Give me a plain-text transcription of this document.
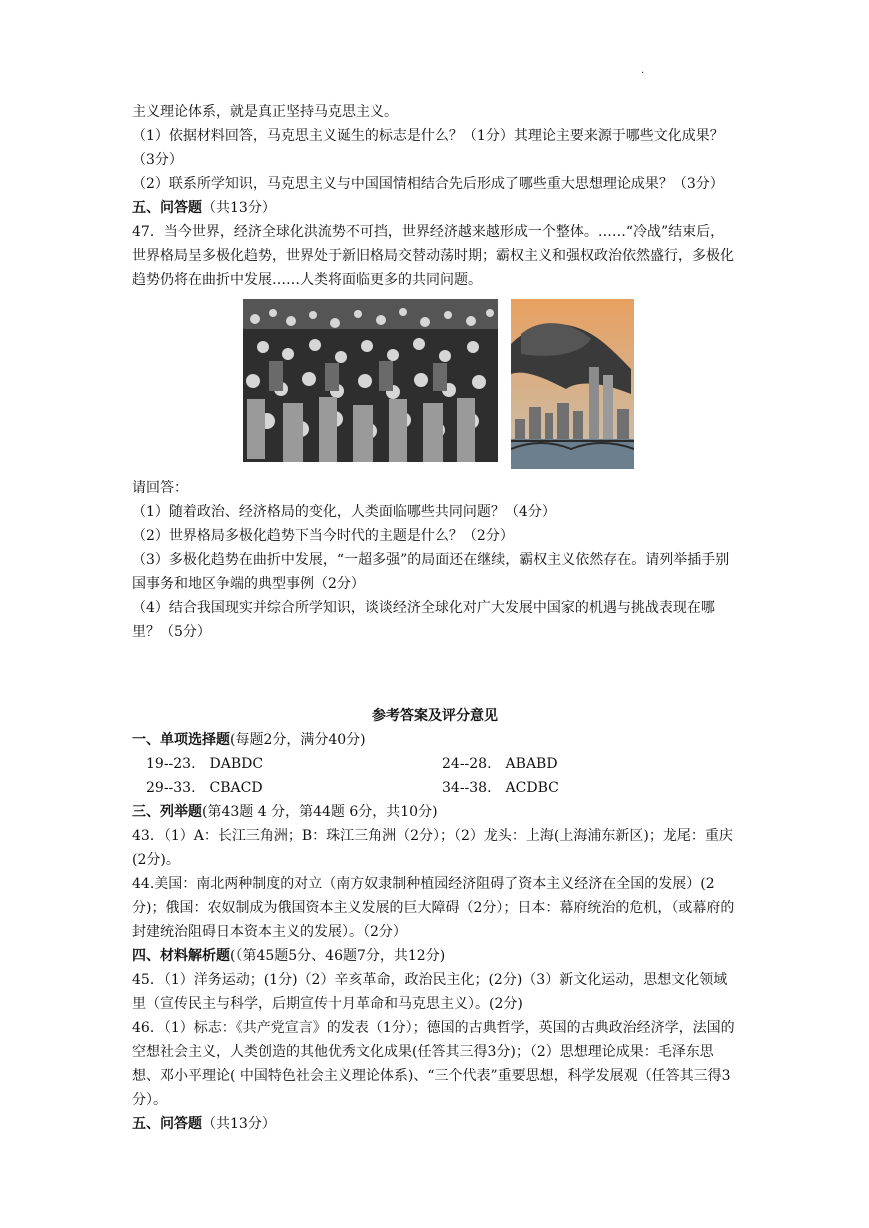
.

主义理论体系，就是真正坚持马克思主义。

（1）依据材料回答，马克思主义诞生的标志是什么？（1分）其理论主要来源于哪些文化成果？（3分）

（2）联系所学知识，马克思主义与中国国情相结合先后形成了哪些重大思想理论成果？（3分）

五、问答题（共13分）

47．当今世界，经济全球化洪流势不可挡，世界经济越来越形成一个整体。……“冷战”结束后，世界格局呈多极化趋势，世界处于新旧格局交替动荡时期；霸权主义和强权政治依然盛行，多极化趋势仍将在曲折中发展……人类将面临更多的共同问题。

请回答：

（1）随着政治、经济格局的变化，人类面临哪些共同问题？（4分）

（2）世界格局多极化趋势下当今时代的主题是什么？（2分）

（3）多极化趋势在曲折中发展，“一超多强”的局面还在继续，霸权主义依然存在。请列举插手别国事务和地区争端的典型事例（2分）

（4）结合我国现实并综合所学知识，谈谈经济全球化对广大发展中国家的机遇与挑战表现在哪里？（5分）

参考答案及评分意见

一、单项选择题(每题2分，满分40分)

19--23.　DABDC	24--28.　ABABD
29--33.　CBACD	34--38.　ACDBC

三、列举题(第43题 4 分，第44题 6分，共10分)

43．（1）A：长江三角洲；B：珠江三角洲（2分）；（2）龙头：上海(上海浦东新区)；龙尾：重庆(2分)。

44.美国：南北两种制度的对立（南方奴隶制种植园经济阻碍了资本主义经济在全国的发展）(2分)；俄国：农奴制成为俄国资本主义发展的巨大障碍（2分）；日本：幕府统治的危机，（或幕府的封建统治阻碍日本资本主义的发展）。（2分）

四、材料解析题(（第45题5分、46题7分，共12分)

45．（1）洋务运动；(1分)（2）辛亥革命，政治民主化；(2分)（3）新文化运动，思想文化领域里（宣传民主与科学，后期宣传十月革命和马克思主义）。(2分)

46．（1）标志：《共产党宣言》的发表（1分）；德国的古典哲学，英国的古典政治经济学，法国的空想社会主义，人类创造的其他优秀文化成果(任答其三得3分)；（2）思想理论成果：毛泽东思想、邓小平理论( 中国特色社会主义理论体系)、“三个代表”重要思想，科学发展观（任答其三得3分）。

五、问答题（共13分）
